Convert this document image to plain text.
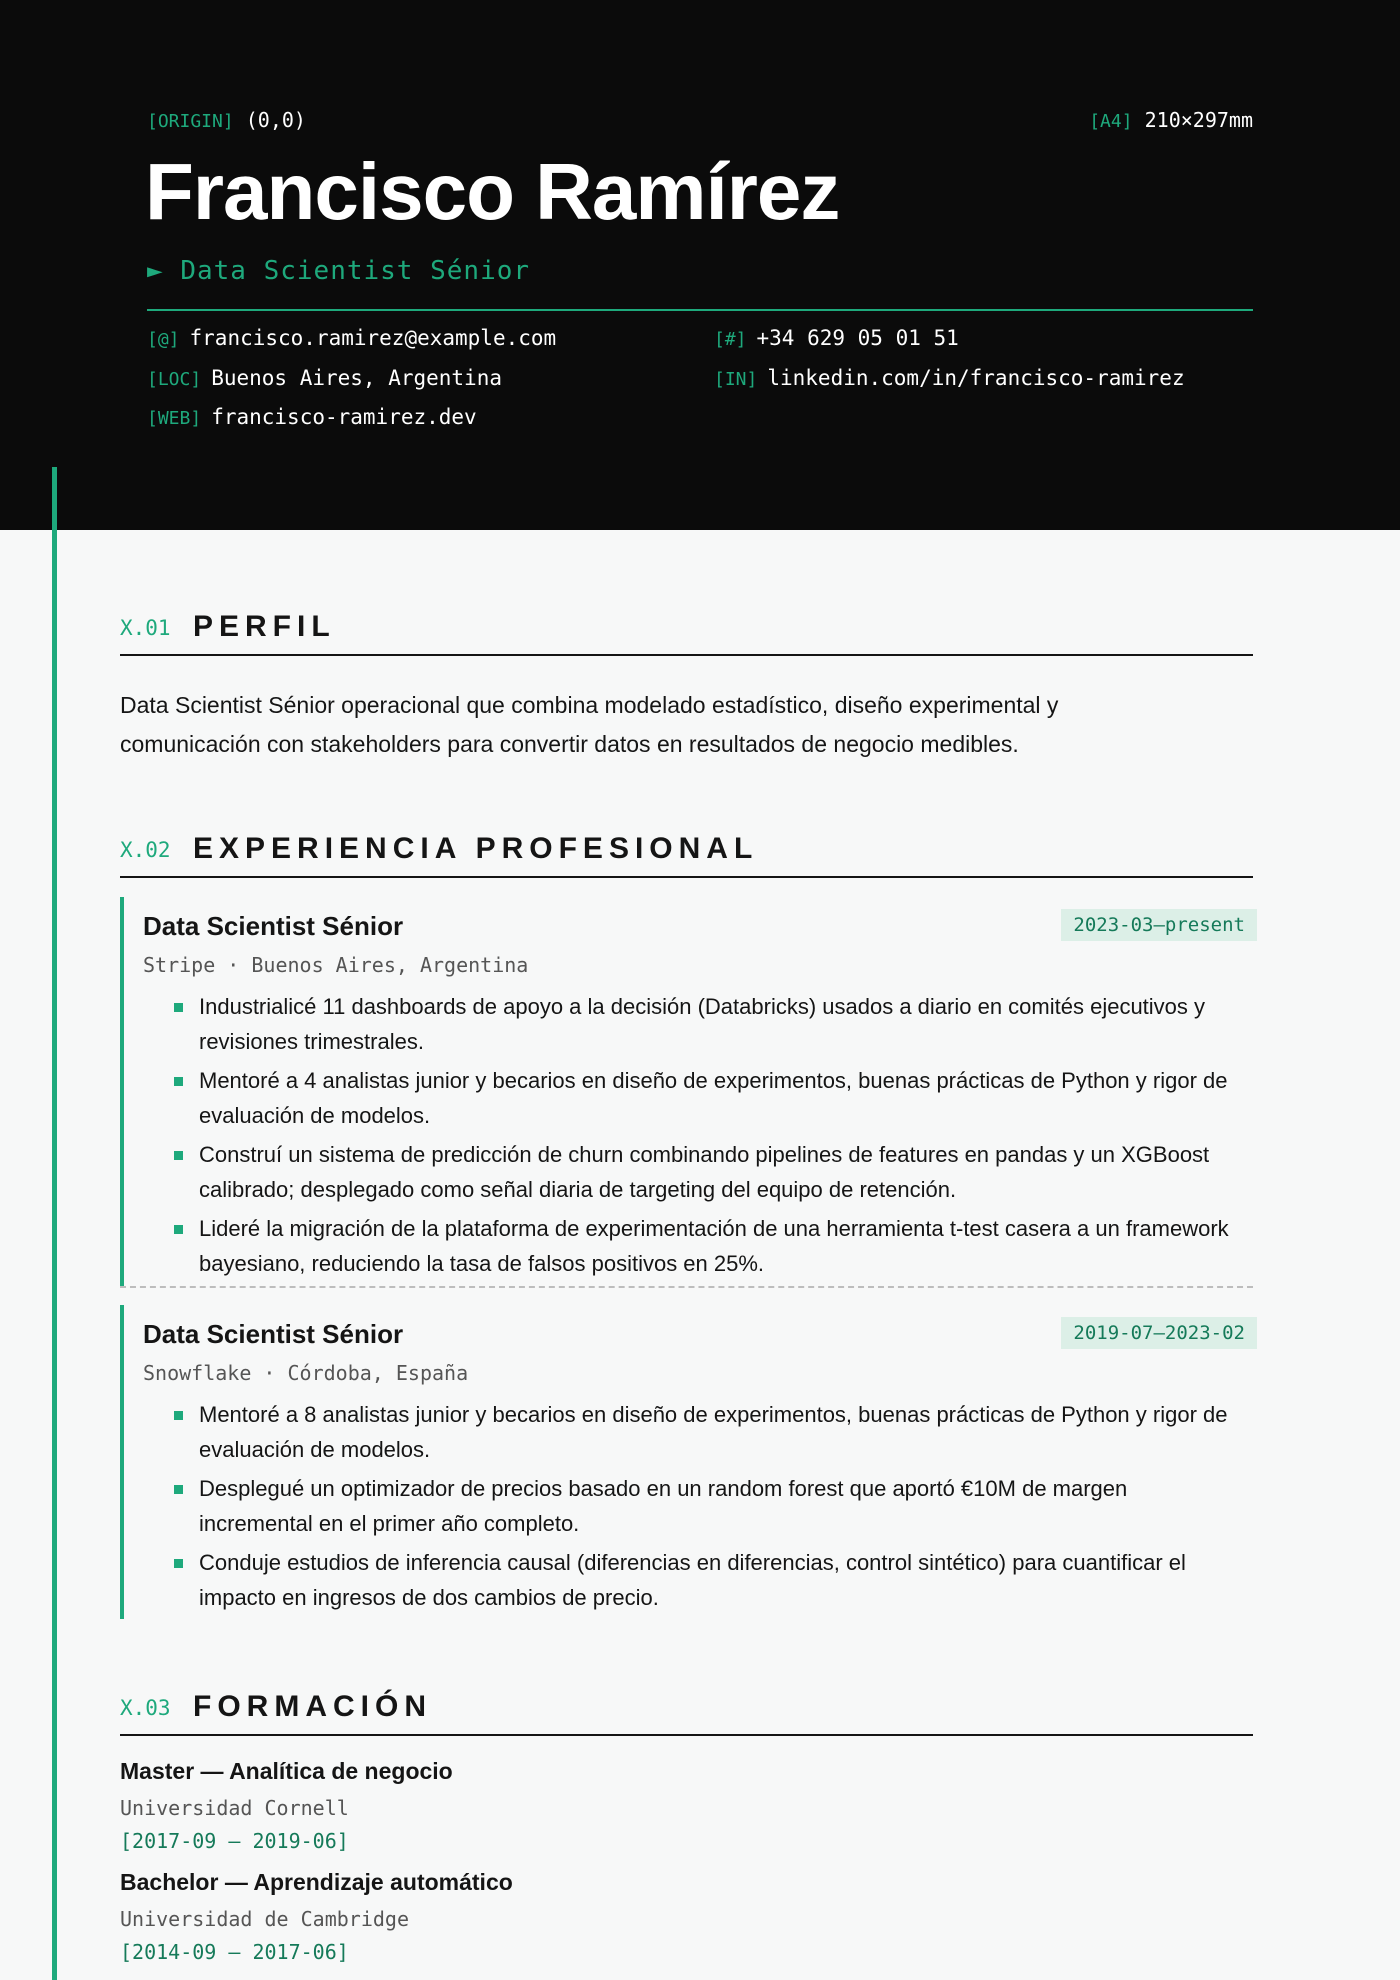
[ORIGIN] (0,0)	[A4] 210×297mm
Francisco Ramírez
► Data Scientist Sénior
[@] francisco.ramirez@example.com	[#] +34 629 05 01 51
[LOC] Buenos Aires, Argentina	[IN] linkedin.com/in/francisco-ramirez
[WEB] francisco-ramirez.dev
X.01 PERFIL
Data Scientist Sénior operacional que combina modelado estadístico, diseño experimental y comunicación con stakeholders para convertir datos en resultados de negocio medibles.
X.02 EXPERIENCIA PROFESIONAL
Data Scientist Sénior	2023-03—present
Stripe · Buenos Aires, Argentina
Industrialicé 11 dashboards de apoyo a la decisión (Databricks) usados a diario en comités ejecutivos y revisiones trimestrales.
Mentoré a 4 analistas junior y becarios en diseño de experimentos, buenas prácticas de Python y rigor de evaluación de modelos.
Construí un sistema de predicción de churn combinando pipelines de features en pandas y un XGBoost calibrado; desplegado como señal diaria de targeting del equipo de retención.
Lideré la migración de la plataforma de experimentación de una herramienta t-test casera a un framework bayesiano, reduciendo la tasa de falsos positivos en 25%.
Data Scientist Sénior	2019-07—2023-02
Snowflake · Córdoba, España
Mentoré a 8 analistas junior y becarios en diseño de experimentos, buenas prácticas de Python y rigor de evaluación de modelos.
Desplegué un optimizador de precios basado en un random forest que aportó €10M de margen incremental en el primer año completo.
Conduje estudios de inferencia causal (diferencias en diferencias, control sintético) para cuantificar el impacto en ingresos de dos cambios de precio.
X.03 FORMACIÓN
Master — Analítica de negocio
Universidad Cornell
[2017-09 – 2019-06]
Bachelor — Aprendizaje automático
Universidad de Cambridge
[2014-09 – 2017-06]
